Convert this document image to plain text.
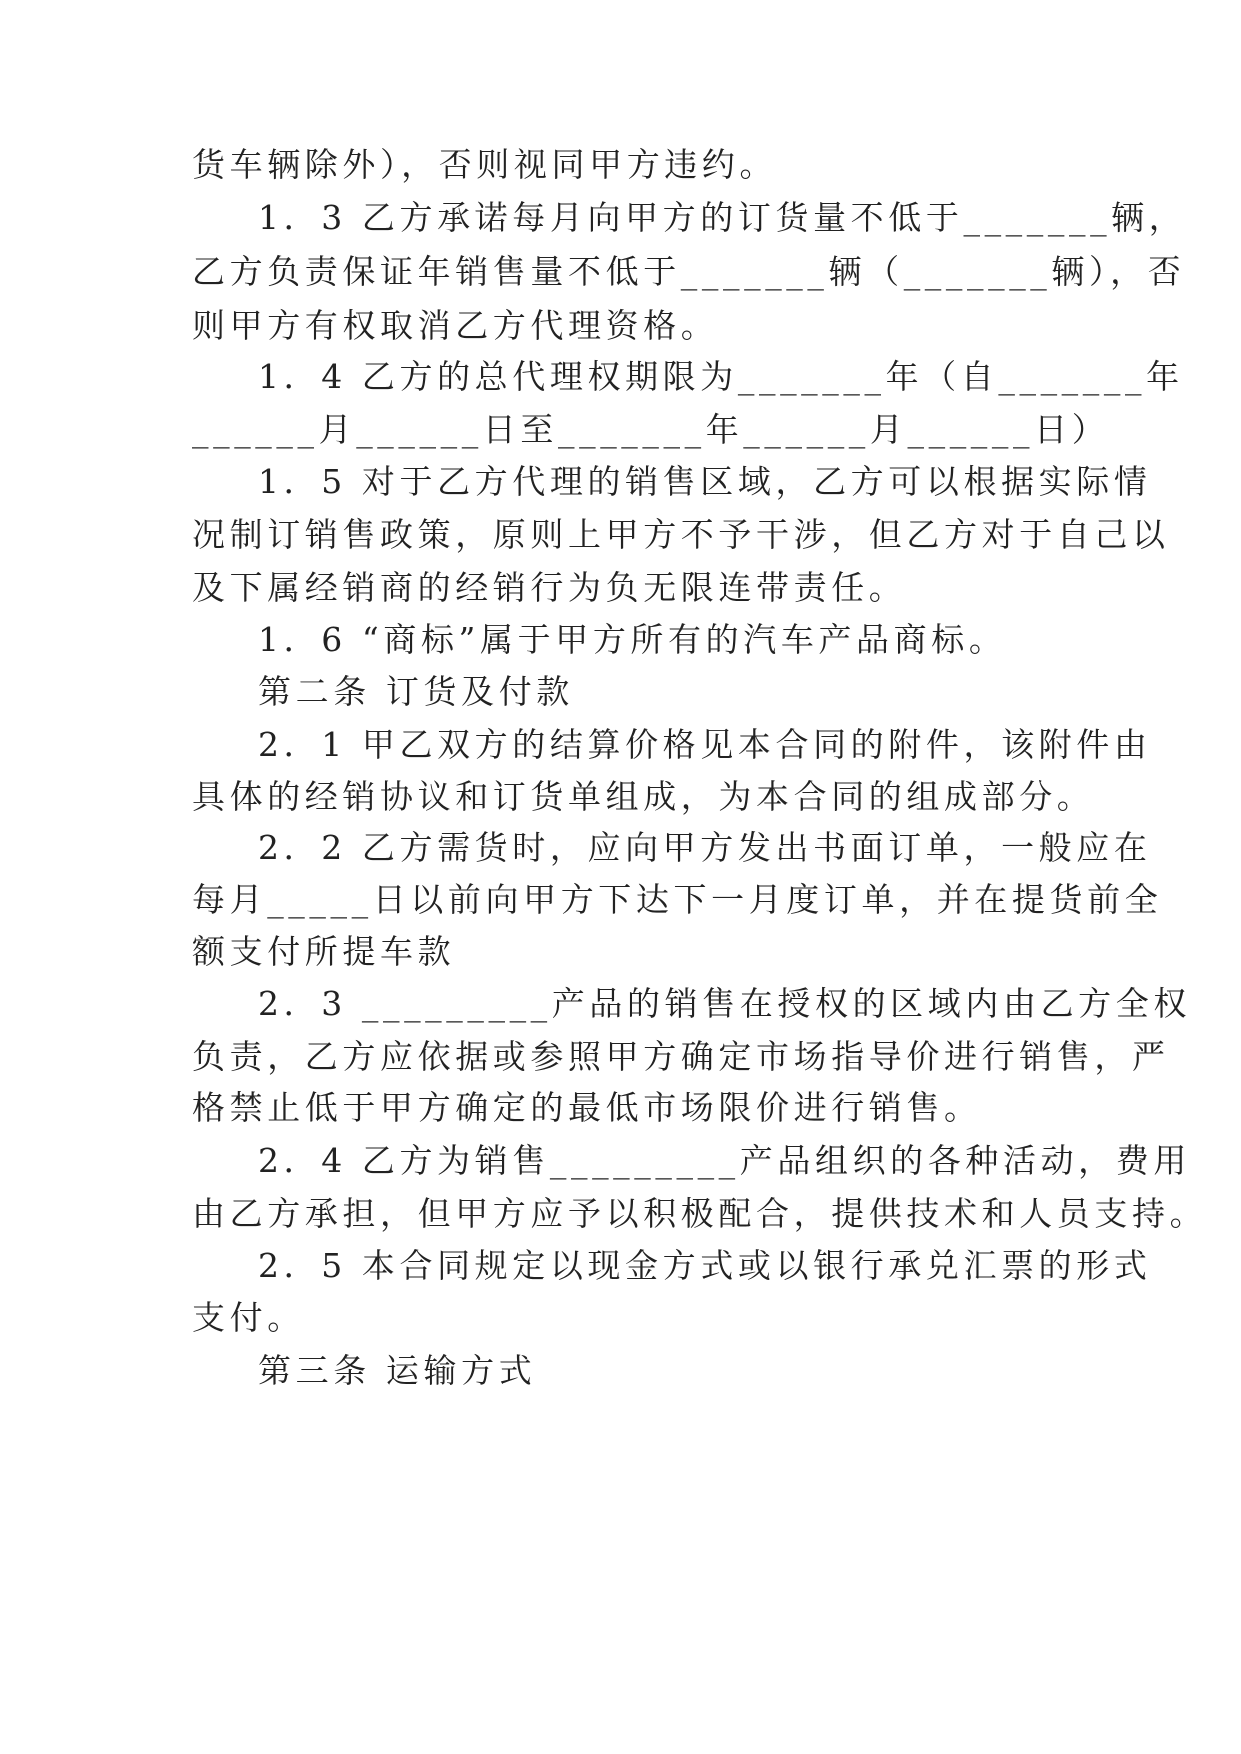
货车辆除外），否则视同甲方违约。
1．3 乙方承诺每月向甲方的订货量不低于_______辆，
乙方负责保证年销售量不低于_______辆（_______辆），否
则甲方有权取消乙方代理资格。
1．4 乙方的总代理权期限为_______年（自_______年
______月______日至_______年______月______日）
1．5 对于乙方代理的销售区域，乙方可以根据实际情
况制订销售政策，原则上甲方不予干涉，但乙方对于自己以
及下属经销商的经销行为负无限连带责任。
1．6 “商标”属于甲方所有的汽车产品商标。
第二条 订货及付款
2．1 甲乙双方的结算价格见本合同的附件，该附件由
具体的经销协议和订货单组成，为本合同的组成部分。
2．2 乙方需货时，应向甲方发出书面订单，一般应在
每月_____日以前向甲方下达下一月度订单，并在提货前全
额支付所提车款
2．3 _________产品的销售在授权的区域内由乙方全权
负责，乙方应依据或参照甲方确定市场指导价进行销售，严
格禁止低于甲方确定的最低市场限价进行销售。
2．4 乙方为销售_________产品组织的各种活动，费用
由乙方承担，但甲方应予以积极配合，提供技术和人员支持。
2．5 本合同规定以现金方式或以银行承兑汇票的形式
支付。
第三条 运输方式
